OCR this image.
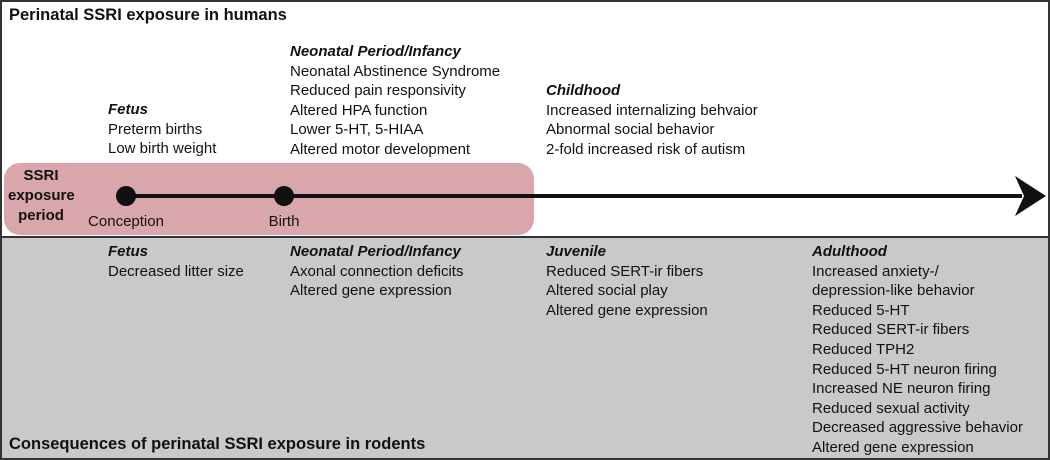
Perinatal SSRI exposure in humans
Fetus
Preterm births
Low birth weight
Neonatal Period/Infancy
Neonatal Abstinence Syndrome
Reduced pain responsivity
Altered HPA function
Lower 5-HT, 5-HIAA
Altered motor development
Childhood
Increased internalizing behvaior
Abnormal social behavior
2-fold increased risk of autism
SSRI
exposure
period	Conception	Birth
Fetus
Decreased litter size
Neonatal Period/Infancy
Axonal connection deficits
Altered gene expression
Juvenile
Reduced SERT-ir fibers
Altered social play
Altered gene expression
Adulthood
Increased anxiety-/
depression-like behavior
Reduced 5-HT
Reduced SERT-ir fibers
Reduced TPH2
Reduced 5-HT neuron firing
Increased NE neuron firing
Reduced sexual activity
Decreased aggressive behavior
Altered gene expression
Consequences of perinatal SSRI exposure in rodents
